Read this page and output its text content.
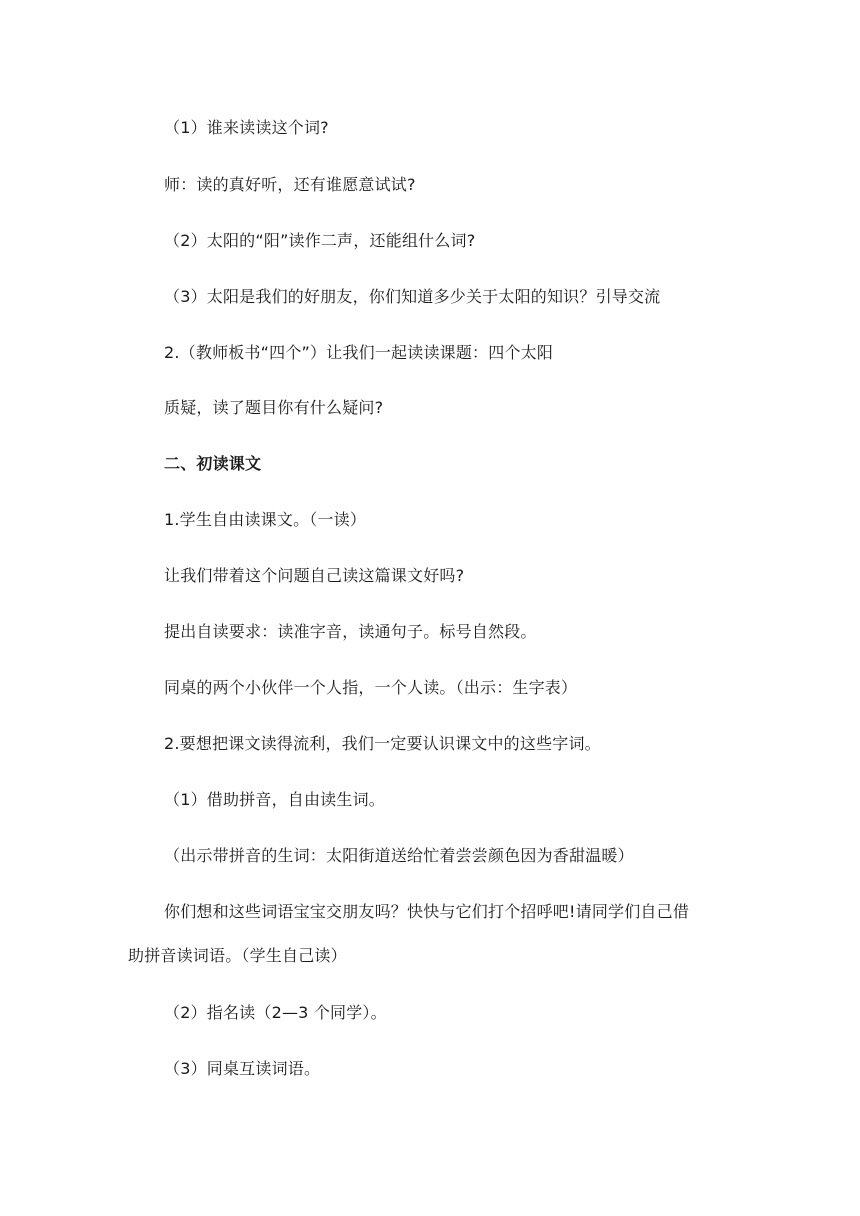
（1）谁来读读这个词?
师：读的真好听，还有谁愿意试试?
（2）太阳的“阳”读作二声，还能组什么词?
（3）太阳是我们的好朋友，你们知道多少关于太阳的知识？引导交流
2.（教师板书“四个”）让我们一起读读课题：四个太阳
质疑，读了题目你有什么疑问?
二、初读课文
1.学生自由读课文。（一读）
让我们带着这个问题自己读这篇课文好吗?
提出自读要求：读准字音，读通句子。标号自然段。
同桌的两个小伙伴一个人指，一个人读。（出示：生字表）
2.要想把课文读得流利，我们一定要认识课文中的这些字词。
（1）借助拼音，自由读生词。
（出示带拼音的生词：太阳街道送给忙着尝尝颜色因为香甜温暖）
你们想和这些词语宝宝交朋友吗？快快与它们打个招呼吧!请同学们自己借
助拼音读词语。（学生自己读）
（2）指名读（2—3 个同学）。
（3）同桌互读词语。
